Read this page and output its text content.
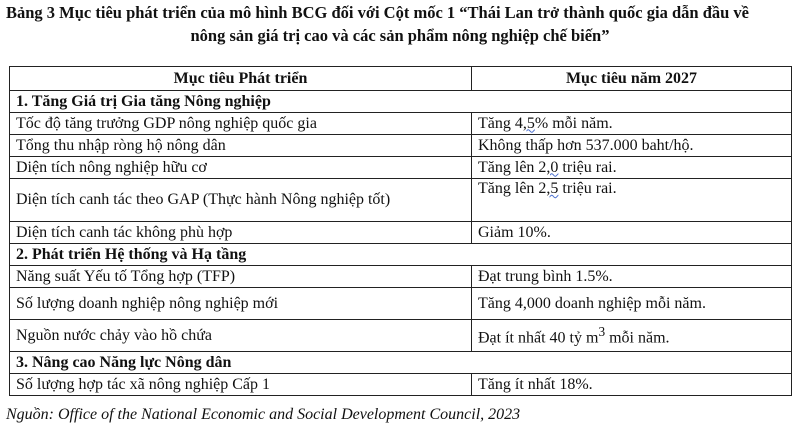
Bảng 3 Mục tiêu phát triển của mô hình BCG đối với Cột mốc 1 “Thái Lan trở thành quốc gia dẫn đầu về
nông sản giá trị cao và các sản phẩm nông nghiệp chế biến”
Mục tiêu Phát triển	Mục tiêu năm 2027
1. Tăng Giá trị Gia tăng Nông nghiệp	
Tốc độ tăng trưởng GDP nông nghiệp quốc gia	Tăng 4,5% mỗi năm.
Tổng thu nhập ròng hộ nông dân	Không thấp hơn 537.000 baht/hộ.
Diện tích nông nghiệp hữu cơ	Tăng lên 2,0 triệu rai.
Diện tích canh tác theo GAP (Thực hành Nông nghiệp tốt)	Tăng lên 2,5 triệu rai.
Diện tích canh tác không phù hợp	Giảm 10%.
2. Phát triển Hệ thống và Hạ tầng	
Năng suất Yếu tố Tổng hợp (TFP)	Đạt trung bình 1.5%.
Số lượng doanh nghiệp nông nghiệp mới	Tăng 4,000 doanh nghiệp mỗi năm.
Nguồn nước chảy vào hồ chứa	Đạt ít nhất 40 tỷ $m^3$ mỗi năm.
3. Nâng cao Năng lực Nông dân	
Số lượng hợp tác xã nông nghiệp Cấp 1	Tăng ít nhất 18%.
Nguồn: Office of the National Economic and Social Development Council, 2023
